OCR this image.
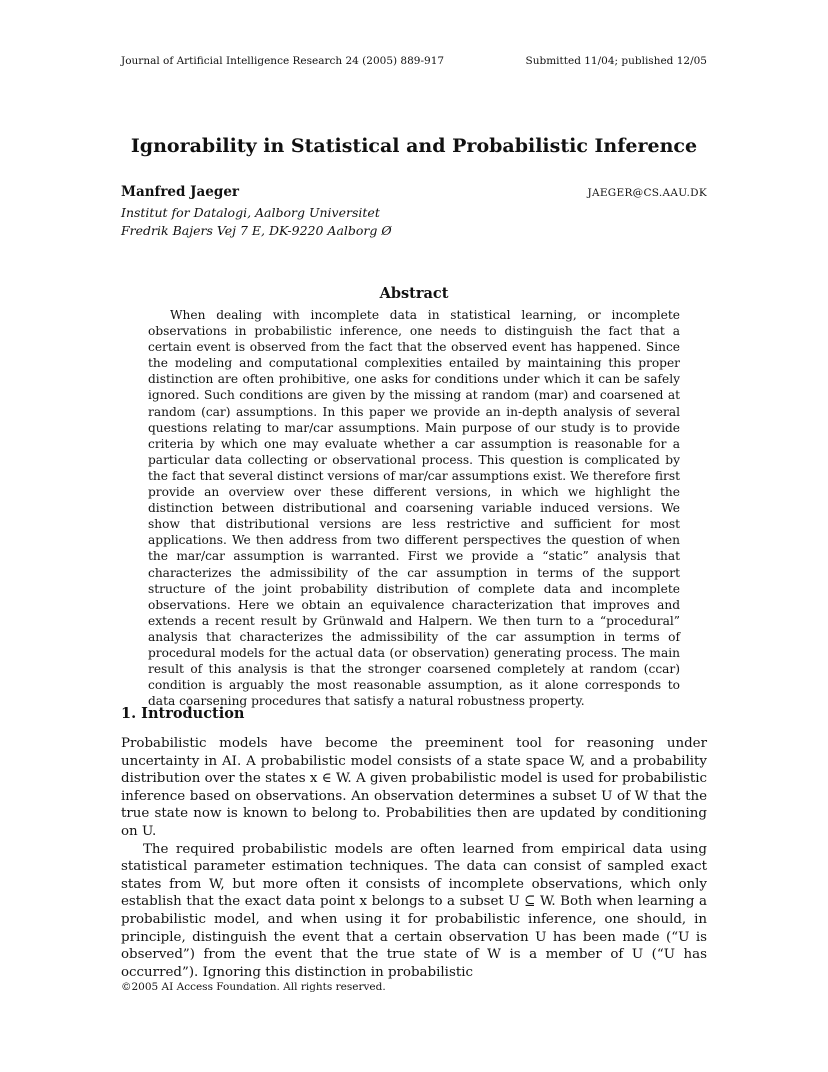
Journal of Artificial Intelligence Research 24 (2005) 889-917	Submitted 11/04; published 12/05
Ignorability in Statistical and Probabilistic Inference
Manfred Jaeger	JAEGER@CS.AAU.DK
Institut for Datalogi, Aalborg Universitet
Fredrik Bajers Vej 7 E, DK-9220 Aalborg Ø
Abstract

When dealing with incomplete data in statistical learning, or incomplete observations in probabilistic inference, one needs to distinguish the fact that a certain event is observed from the fact that the observed event has happened. Since the modeling and computational complexities entailed by maintaining this proper distinction are often prohibitive, one asks for conditions under which it can be safely ignored. Such conditions are given by the missing at random (mar) and coarsened at random (car) assumptions. In this paper we provide an in-depth analysis of several questions relating to mar/car assumptions. Main purpose of our study is to provide criteria by which one may evaluate whether a car assumption is reasonable for a particular data collecting or observational process. This question is complicated by the fact that several distinct versions of mar/car assumptions exist. We therefore first provide an overview over these different versions, in which we highlight the distinction between distributional and coarsening variable induced versions. We show that distributional versions are less restrictive and sufficient for most applications. We then address from two different perspectives the question of when the mar/car assumption is warranted. First we provide a “static” analysis that characterizes the admissibility of the car assumption in terms of the support structure of the joint probability distribution of complete data and incomplete observations. Here we obtain an equivalence characterization that improves and extends a recent result by Grünwald and Halpern. We then turn to a “procedural” analysis that characterizes the admissibility of the car assumption in terms of procedural models for the actual data (or observation) generating process. The main result of this analysis is that the stronger coarsened completely at random (ccar) condition is arguably the most reasonable assumption, as it alone corresponds to data coarsening procedures that satisfy a natural robustness property.

1. Introduction

Probabilistic models have become the preeminent tool for reasoning under uncertainty in AI. A probabilistic model consists of a state space W, and a probability distribution over the states x ∈ W. A given probabilistic model is used for probabilistic inference based on observations. An observation determines a subset U of W that the true state now is known to belong to. Probabilities then are updated by conditioning on U.

The required probabilistic models are often learned from empirical data using statistical parameter estimation techniques. The data can consist of sampled exact states from W, but more often it consists of incomplete observations, which only establish that the exact data point x belongs to a subset U ⊆ W. Both when learning a probabilistic model, and when using it for probabilistic inference, one should, in principle, distinguish the event that a certain observation U has been made (“U is observed”) from the event that the true state of W is a member of U (“U has occurred”). Ignoring this distinction in probabilistic

©2005 AI Access Foundation. All rights reserved.
